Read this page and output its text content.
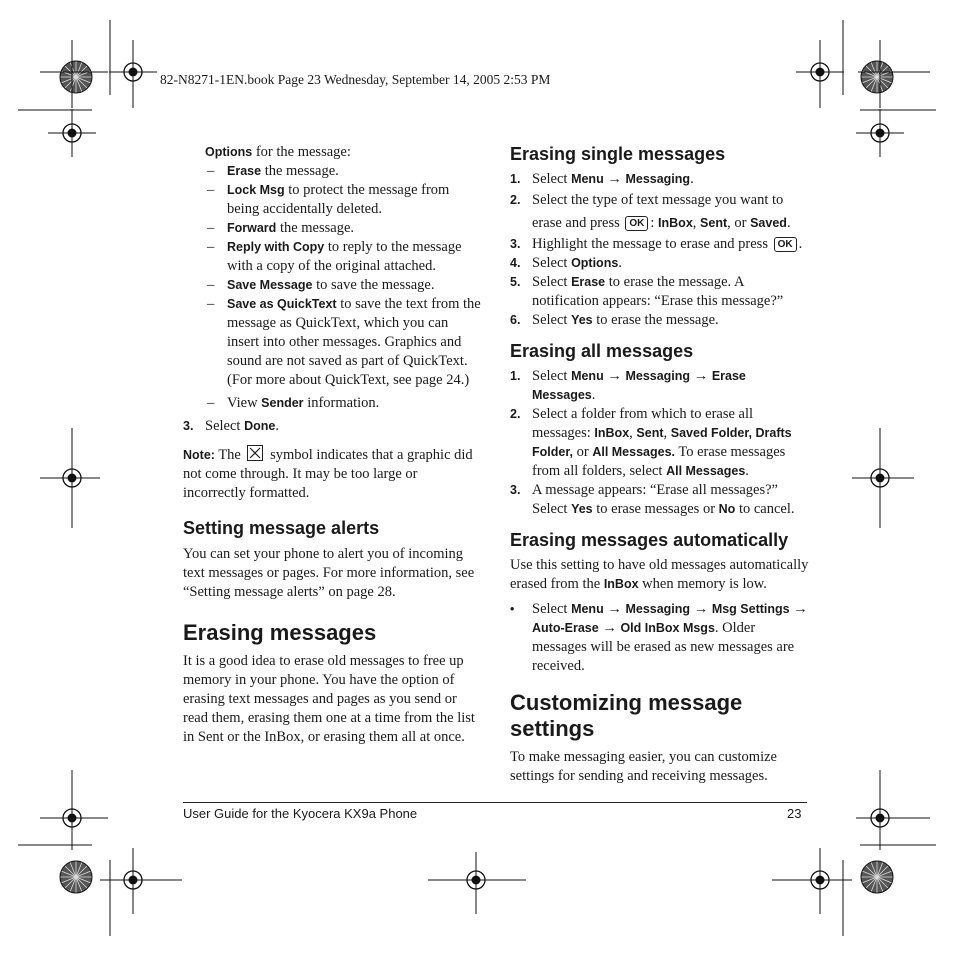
82-N8271-1EN.book Page 23 Wednesday, September 14, 2005 2:53 PM

Options for the message:

– Erase the message.

– Lock Msg to protect the message from being accidentally deleted.

– Forward the message.

– Reply with Copy to reply to the message with a copy of the original attached.

– Save Message to save the message.

– Save as QuickText to save the text from the message as QuickText, which you can insert into other messages. Graphics and sound are not saved as part of QuickText.(For more about QuickText, see page 24.)

– View Sender information.

3. Select Done.

Note: The
symbol indicates that a graphic did not come through. It may be too large or incorrectly formatted.

Setting message alerts

You can set your phone to alert you of incoming text messages or pages. For more information, see “Setting message alerts” on page 28.

Erasing messages

It is a good idea to erase old messages to free up memory in your phone. You have the option of erasing text messages and pages as you send or read them, erasing them one at a time from the list in Sent or the InBox, or erasing them all at once.

Erasing single messages

1. Select Menu → Messaging.

2. Select the type of text message you want to erase and press OK : InBox, Sent, or Saved.

3. Highlight the message to erase and press OK .

4. Select Options.

5. Select Erase to erase the message. A notification appears: “Erase this message?”

6. Select Yes to erase the message.

Erasing all messages

1. Select Menu → Messaging → Erase Messages.

2. Select a folder from which to erase all messages: InBox, Sent, Saved Folder, Drafts Folder, or All Messages. To erase messages from all folders, select All Messages.

3. A message appears: “Erase all messages?” Select Yes to erase messages or No to cancel.

Erasing messages automatically

Use this setting to have old messages automatically erased from the InBox when memory is low.

• Select Menu → Messaging → Msg Settings → Auto-Erase → Old InBox Msgs. Older messages will be erased as new messages are received.

Customizing message settings

To make messaging easier, you can customize settings for sending and receiving messages.

User Guide for the Kyocera KX9a Phone	23
